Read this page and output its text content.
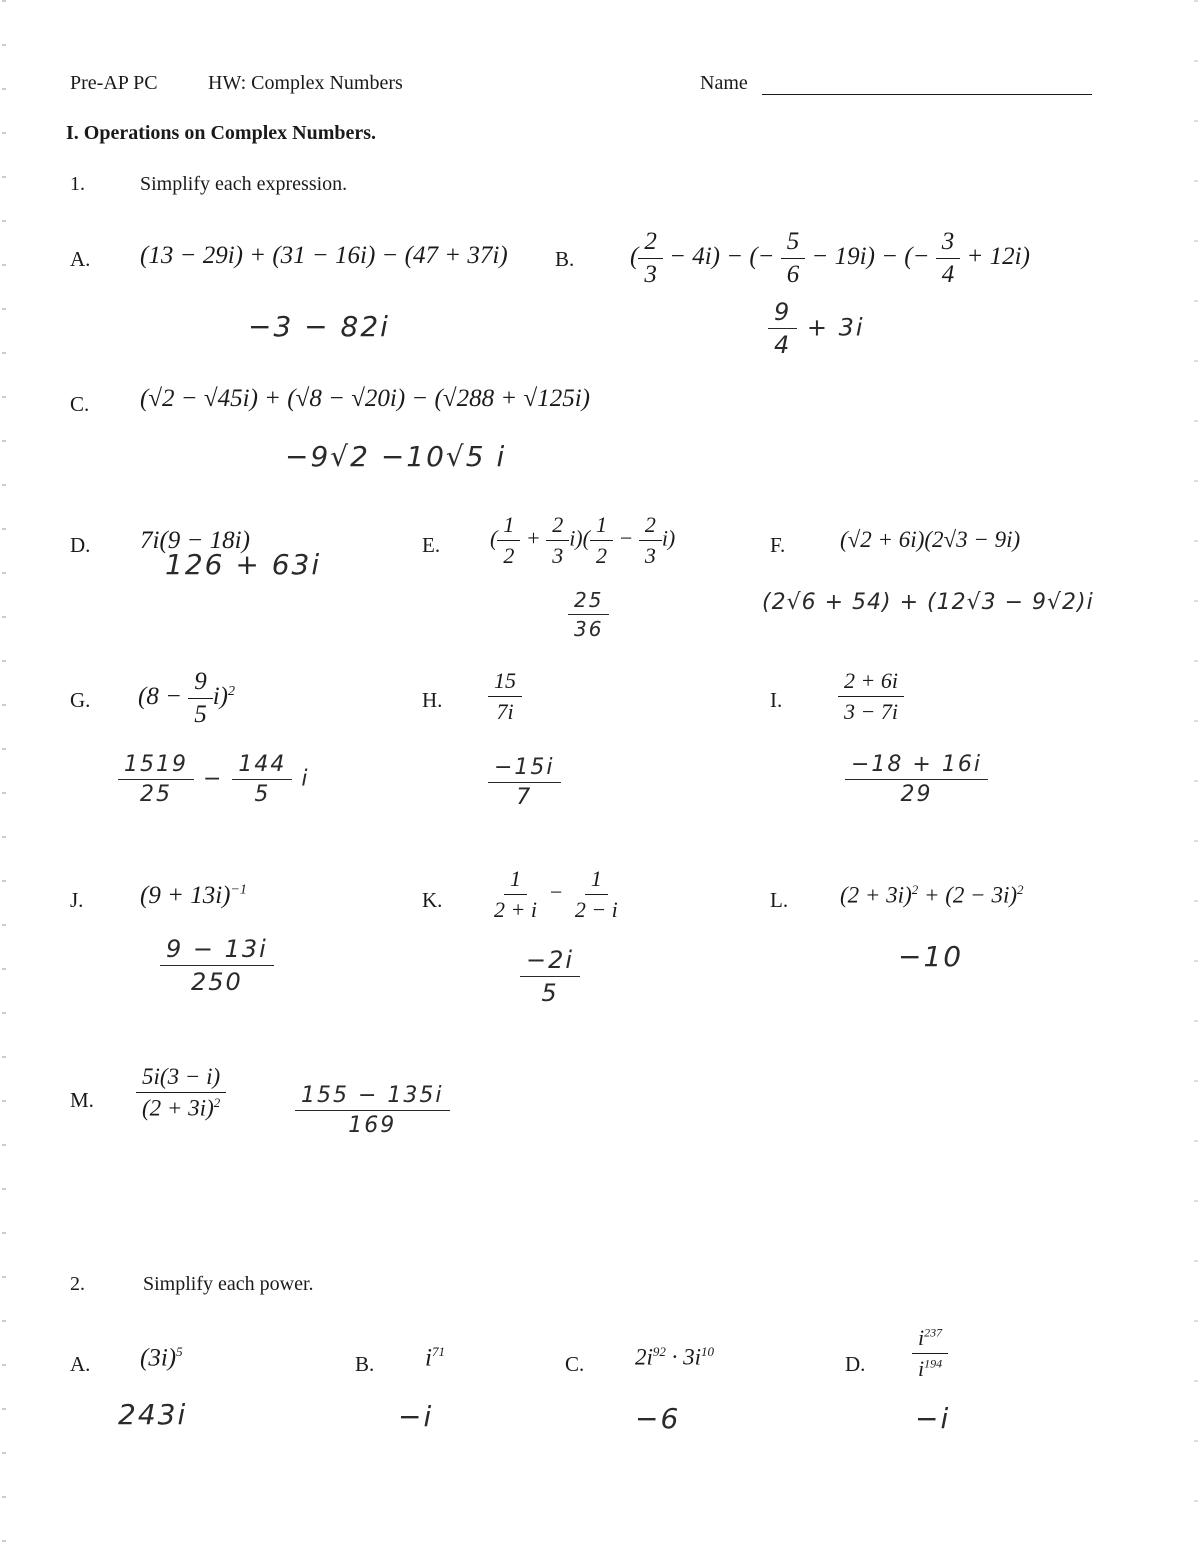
Pre-AP PC	HW: Complex Numbers	Name
I. Operations on Complex Numbers.
1.	Simplify each expression.
A. (13 − 29i) + (31 − 16i) − (47 + 37i)
−3 − 82i
B. ( $\frac{2}{3} - 4i$) − (− $\frac{5}{6} - 19i$) − (− $\frac{3}{4} + 12i$)
$\frac{9}{4} + 3i$
C. (√2 − √45i) + (√8 − √20i) − (√288 + √125i)
−9√2 −10√5 i
D. 7i(9 − 18i)
126 + 63i
E. ( $\frac{1}{2} + \frac{2}{3} i)( \frac{1}{2} - \frac{2}{3} i)$
$\frac{25}{36}$
F. (√2 + 6i)(2√3 − 9i)
(2√6 + 54) + (12√3 − 9√2)i
G. $(8 - \frac{9}{5} i)^2$
$\frac{1519}{25} - \frac{144}{5}$ i
H. $\frac{15}{7i}$
$\frac{-15i}{7}$
I.	$\frac{2 + 6i}{3 - 7i}$
$\frac{-18 + 16i}{29}$
J. $(9 + 13i)^{-1}$
$\frac{9 - 13i}{250}$
K. $\frac{1}{2 + i} - \frac{1}{2 - i}$
$\frac{-2i}{5}$
L. $(2 + 3i)^2 + (2 - 3i)^2$
−10
M. $\frac{5i(3 - i)}{(2 + 3i)^2}$	$\frac{155 - 135i}{169}$
2.	Simplify each power.
A. $(3i)^5$
243i
B. $i^{71}$
−i
C. $2i^{92} \cdot 3i^{10}$
−6
D. $\frac{i^{237}}{i^{194}}$
−i
